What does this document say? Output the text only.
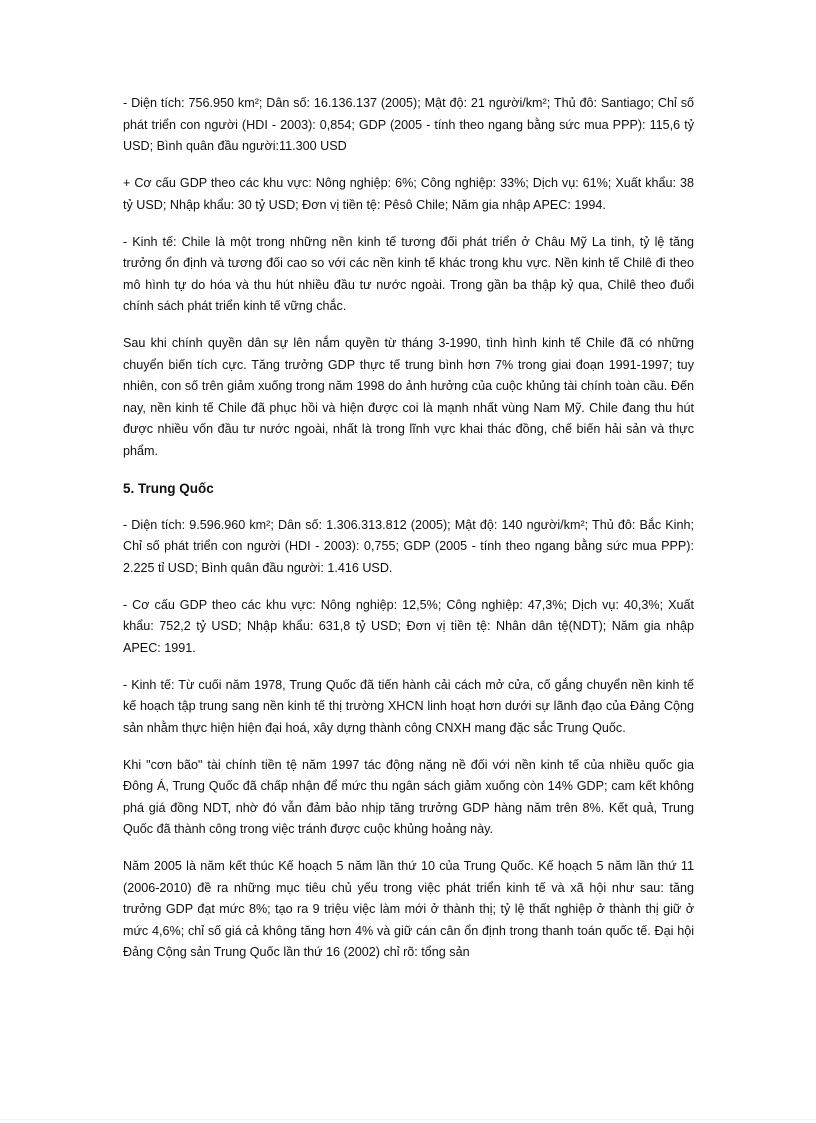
- Diện tích: 756.950 km²; Dân số: 16.136.137 (2005); Mật độ: 21 người/km²; Thủ đô: Santiago; Chỉ số phát triển con người (HDI - 2003): 0,854; GDP (2005 - tính theo ngang bằng sức mua PPP): 115,6 tỷ USD; Bình quân đầu người:11.300 USD

+ Cơ cấu GDP theo các khu vực: Nông nghiệp: 6%; Công nghiệp: 33%; Dịch vụ: 61%; Xuất khẩu: 38 tỷ USD; Nhập khẩu: 30 tỷ USD; Đơn vị tiền tệ: Pêsô Chile; Năm gia nhập APEC: 1994.

- Kinh tế: Chile là một trong những nền kinh tế tương đối phát triển ở Châu Mỹ La tinh, tỷ lệ tăng trưởng ổn định và tương đối cao so với các nền kinh tế khác trong khu vực. Nền kinh tế Chilê đi theo mô hình tự do hóa và thu hút nhiều đầu tư nước ngoài. Trong gần ba thập kỷ qua, Chilê theo đuổi chính sách phát triển kinh tế vững chắc.

Sau khi chính quyền dân sự lên nắm quyền từ tháng 3-1990, tình hình kinh tế Chile đã có những chuyển biến tích cực. Tăng trưởng GDP thực tế trung bình hơn 7% trong giai đoạn 1991-1997; tuy nhiên, con số trên giảm xuống trong năm 1998 do ảnh hưởng của cuộc khủng tài chính toàn cầu. Đến nay, nền kinh tế Chile đã phục hồi và hiện được coi là mạnh nhất vùng Nam Mỹ. Chile đang thu hút được nhiều vốn đầu tư nước ngoài, nhất là trong lĩnh vực khai thác đồng, chế biến hải sản và thực phẩm.

5. Trung Quốc

- Diện tích: 9.596.960 km²; Dân số: 1.306.313.812 (2005); Mật độ: 140 người/km²; Thủ đô: Bắc Kinh; Chỉ số phát triển con người (HDI - 2003): 0,755; GDP (2005 - tính theo ngang bằng sức mua PPP): 2.225 tỉ USD; Bình quân đầu người: 1.416 USD.

- Cơ cấu GDP theo các khu vực: Nông nghiệp: 12,5%; Công nghiệp: 47,3%; Dịch vụ: 40,3%; Xuất khẩu: 752,2 tỷ USD; Nhập khẩu: 631,8 tỷ USD; Đơn vị tiền tệ: Nhân dân tệ(NDT); Năm gia nhập APEC: 1991.

- Kinh tế: Từ cuối năm 1978, Trung Quốc đã tiến hành cải cách mở cửa, cố gắng chuyển nền kinh tế kế hoạch tập trung sang nền kinh tế thị trường XHCN linh hoạt hơn dưới sự lãnh đạo của Đảng Cộng sản nhằm thực hiện hiện đại hoá, xây dựng thành công CNXH mang đặc sắc Trung Quốc.

Khi "cơn bão" tài chính tiền tệ năm 1997 tác động nặng nề đối với nền kinh tế của nhiều quốc gia Đông Á, Trung Quốc đã chấp nhận để mức thu ngân sách giảm xuống còn 14% GDP; cam kết không phá giá đồng NDT, nhờ đó vẫn đảm bảo nhịp tăng trưởng GDP hàng năm trên 8%. Kết quả, Trung Quốc đã thành công trong việc tránh được cuộc khủng hoảng này.

Năm 2005 là năm kết thúc Kế hoạch 5 năm lần thứ 10 của Trung Quốc. Kế hoạch 5 năm lần thứ 11 (2006-2010) đề ra những mục tiêu chủ yếu trong việc phát triển kinh tế và xã hội như sau: tăng trưởng GDP đạt mức 8%; tạo ra 9 triệu việc làm mới ở thành thị; tỷ lệ thất nghiệp ở thành thị giữ ở mức 4,6%; chỉ số giá cả không tăng hơn 4% và giữ cán cân ổn định trong thanh toán quốc tế. Đại hội Đảng Cộng sản Trung Quốc lần thứ 16 (2002) chỉ rõ: tổng sản
